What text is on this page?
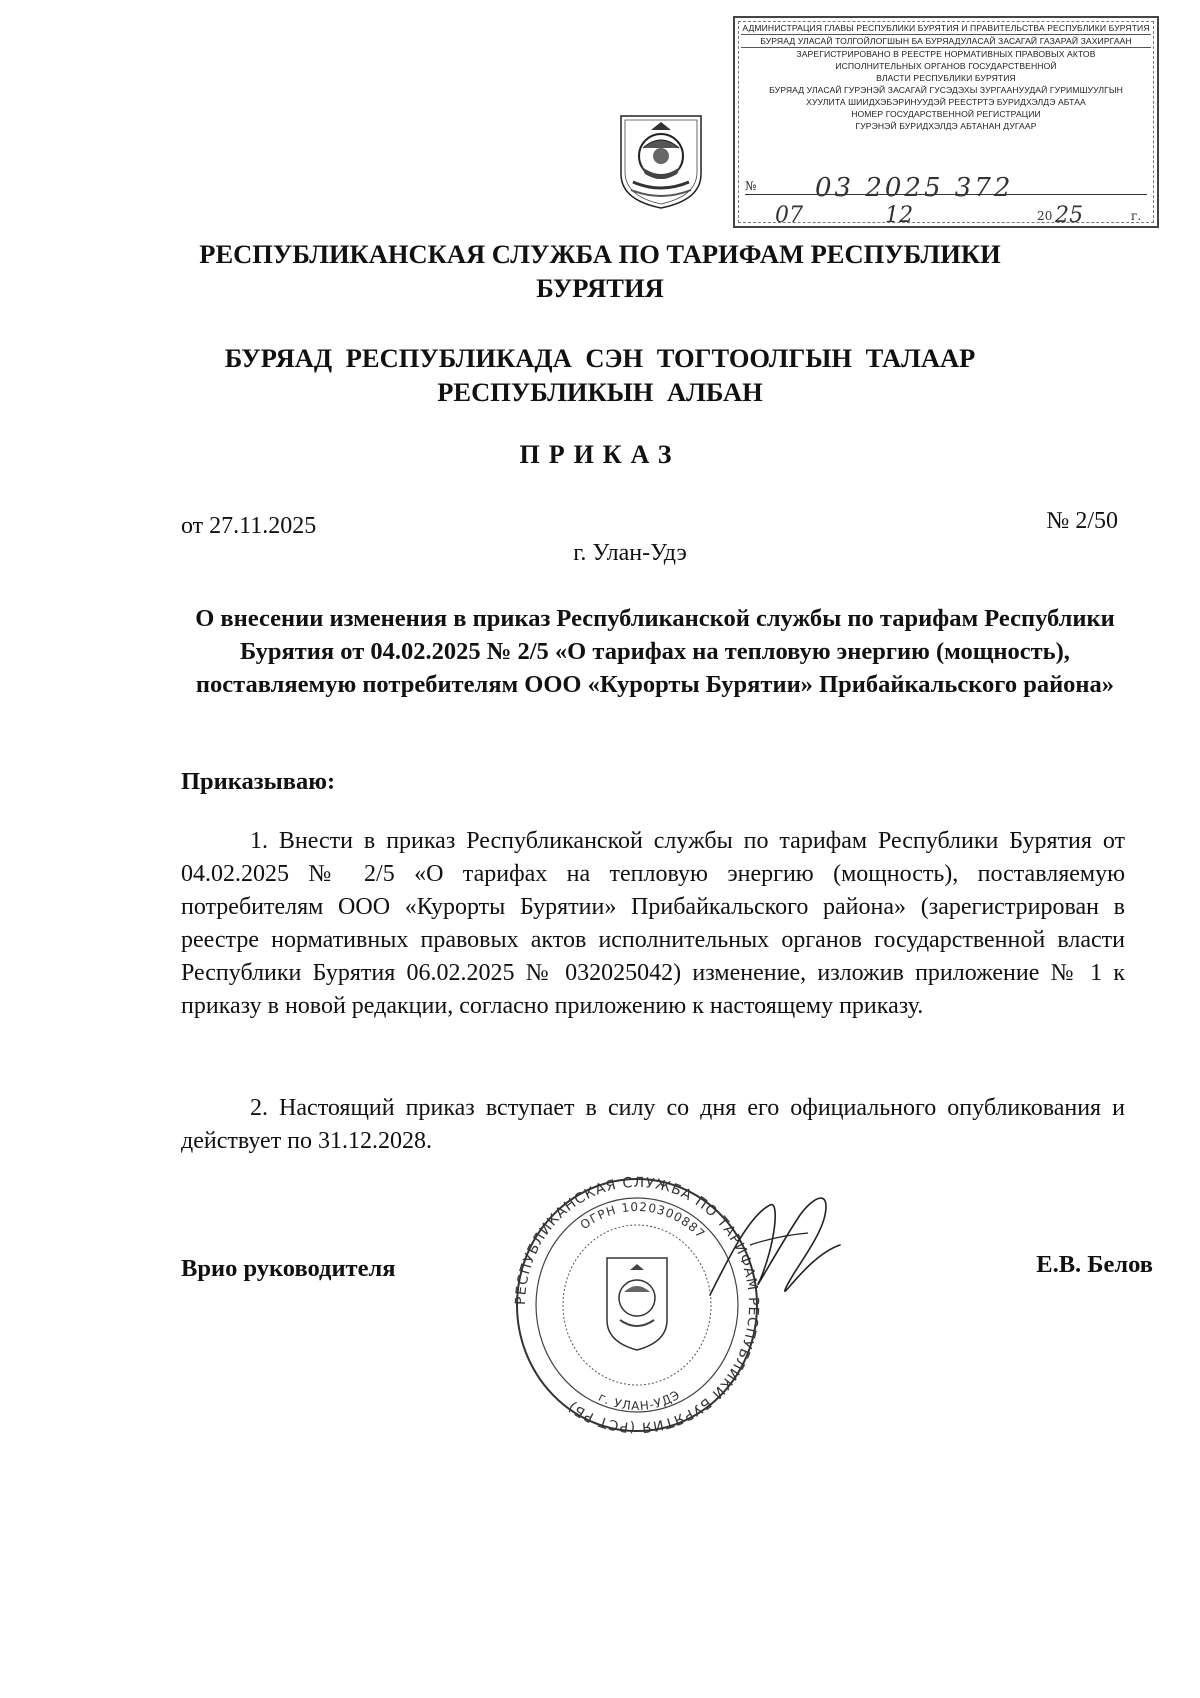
АДМИНИСТРАЦИЯ ГЛАВЫ РЕСПУБЛИКИ БУРЯТИЯ И ПРАВИТЕЛЬСТВА РЕСПУБЛИКИ БУРЯТИЯ
БУРЯАД УЛАСАЙ ТОЛГОЙЛОГШЫН БА БУРЯАДУЛАСАЙ ЗАСАГАЙ ГАЗАРАЙ ЗАХИРГААН
ЗАРЕГИСТРИРОВАНО В РЕЕСТРЕ НОРМАТИВНЫХ ПРАВОВЫХ АКТОВ
ИСПОЛНИТЕЛЬНЫХ ОРГАНОВ ГОСУДАРСТВЕННОЙ
ВЛАСТИ РЕСПУБЛИКИ БУРЯТИЯ
БУРЯАД УЛАСАЙ ГУРЭНЭЙ ЗАСАГАЙ ГУСЭДЭХЫ ЗУРГААНУУДАЙ ГУРИМШУУЛГЫН
ХУУЛИТА ШИИДХЭБЭРИНУУДЭЙ РЕЕСТРТЭ БУРИДХЭЛДЭ АБТАА
НОМЕР ГОСУДАРСТВЕННОЙ РЕГИСТРАЦИИ
ГУРЭНЭЙ БУРИДХЭЛДЭ АБТАНАН ДУГААР
№ 03 2025 372
07	12	20 25	г.
РЕСПУБЛИКАНСКАЯ СЛУЖБА ПО ТАРИФАМ РЕСПУБЛИКИ БУРЯТИЯ
БУРЯАД РЕСПУБЛИКАДА СЭН ТОГТООЛГЫН ТАЛААР РЕСПУБЛИКЫН АЛБАН
ПРИКАЗ
от 27.11.2025	№ 2/50
г. Улан-Удэ
О внесении изменения в приказ Республиканской службы по тарифам Республики Бурятия от 04.02.2025 № 2/5 «О тарифах на тепловую энергию (мощность), поставляемую потребителям ООО «Курорты Бурятии» Прибайкальского района»
Приказываю:
1. Внести в приказ Республиканской службы по тарифам Республики Бурятия от 04.02.2025 № 2/5 «О тарифах на тепловую энергию (мощность), поставляемую потребителям ООО «Курорты Бурятии» Прибайкальского района» (зарегистрирован в реестре нормативных правовых актов исполнительных органов государственной власти Республики Бурятия 06.02.2025 № 032025042) изменение, изложив приложение № 1 к приказу в новой редакции, согласно приложению к настоящему приказу.
2. Настоящий приказ вступает в силу со дня его официального опубликования и действует по 31.12.2028.
РЕСПУБЛИКАНСКАЯ СЛУЖБА ПО ТАРИФАМ РЕСПУБЛИКИ БУРЯТИЯ (РСТ РБ)
ОГРН 1020300887
г. УЛАН-УДЭ
Врио руководителя	Е.В. Белов
